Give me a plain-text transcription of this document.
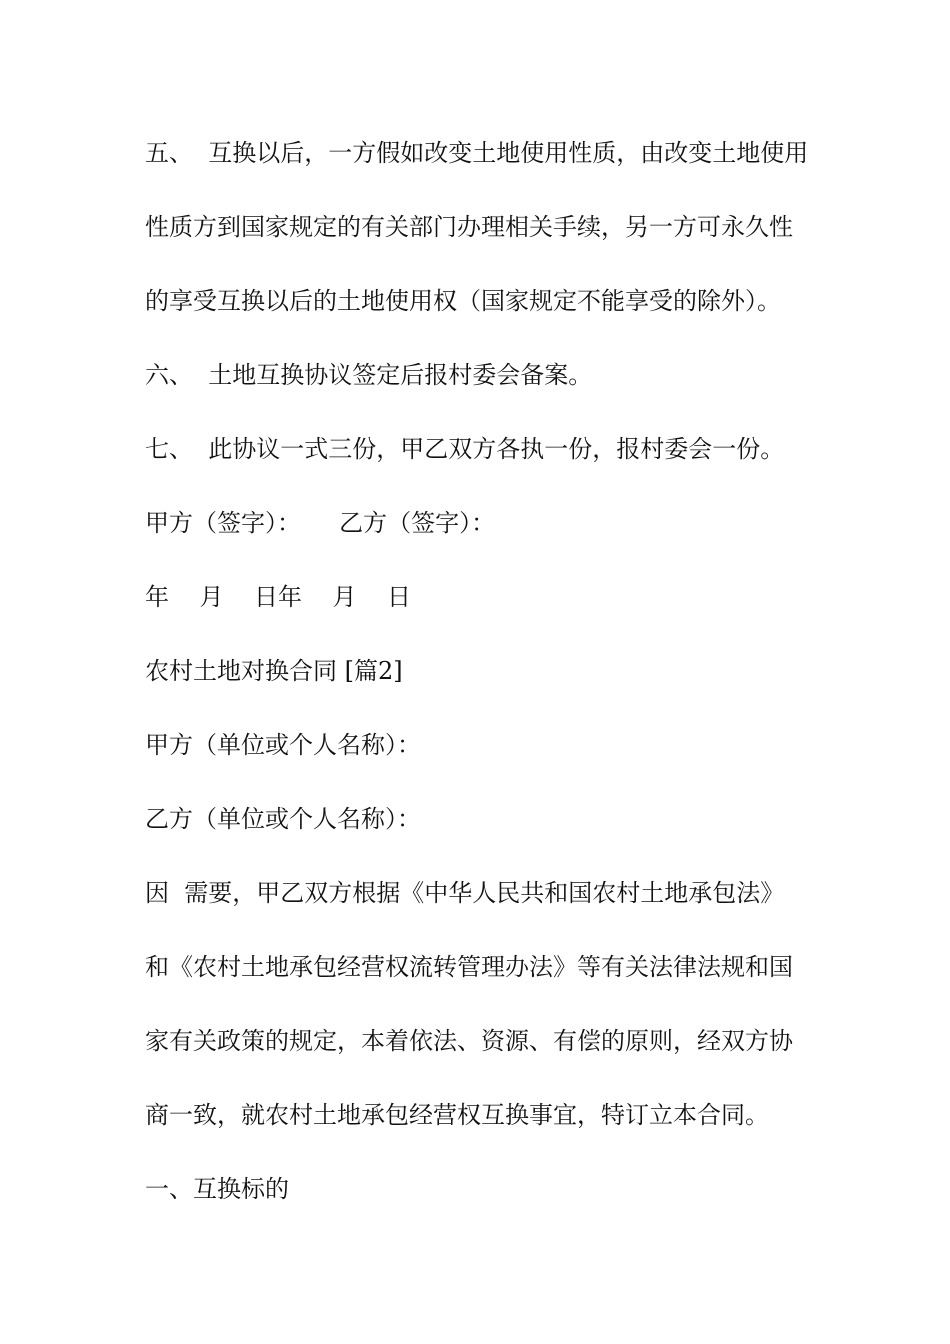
五、  互换以后，一方假如改变土地使用性质，由改变土地使用
性质方到国家规定的有关部门办理相关手续，另一方可永久性
的享受互换以后的土地使用权（国家规定不能享受的除外）。
六、  土地互换协议签定后报村委会备案。
七、  此协议一式三份，甲乙双方各执一份，报村委会一份。
甲方（签字）：     乙方（签字）：
年    月    日年    月    日
农村土地对换合同 [篇2]
甲方（单位或个人名称）：
乙方（单位或个人名称）：
因  需要，甲乙双方根据《中华人民共和国农村土地承包法》
和《农村土地承包经营权流转管理办法》等有关法律法规和国
家有关政策的规定，本着依法、资源、有偿的原则，经双方协
商一致，就农村土地承包经营权互换事宜，特订立本合同。
一、互换标的
